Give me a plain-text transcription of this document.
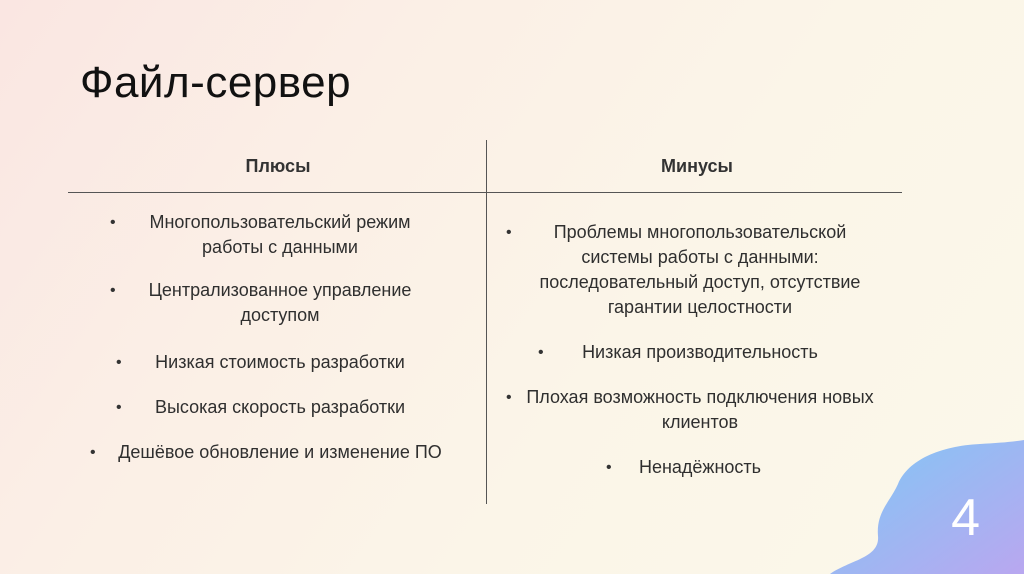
Файл-сервер
Плюсы	Минусы
• Многопользовательский режим работы с данными
• Централизованное управление доступом
• Низкая стоимость разработки
• Высокая скорость разработки
• Дешёвое обновление и изменение ПО
• Проблемы многопользовательской системы работы с данными: последовательный доступ, отсутствие гарантии целостности
• Низкая производительность
• Плохая возможность подключения новых клиентов
• Ненадёжность
4
